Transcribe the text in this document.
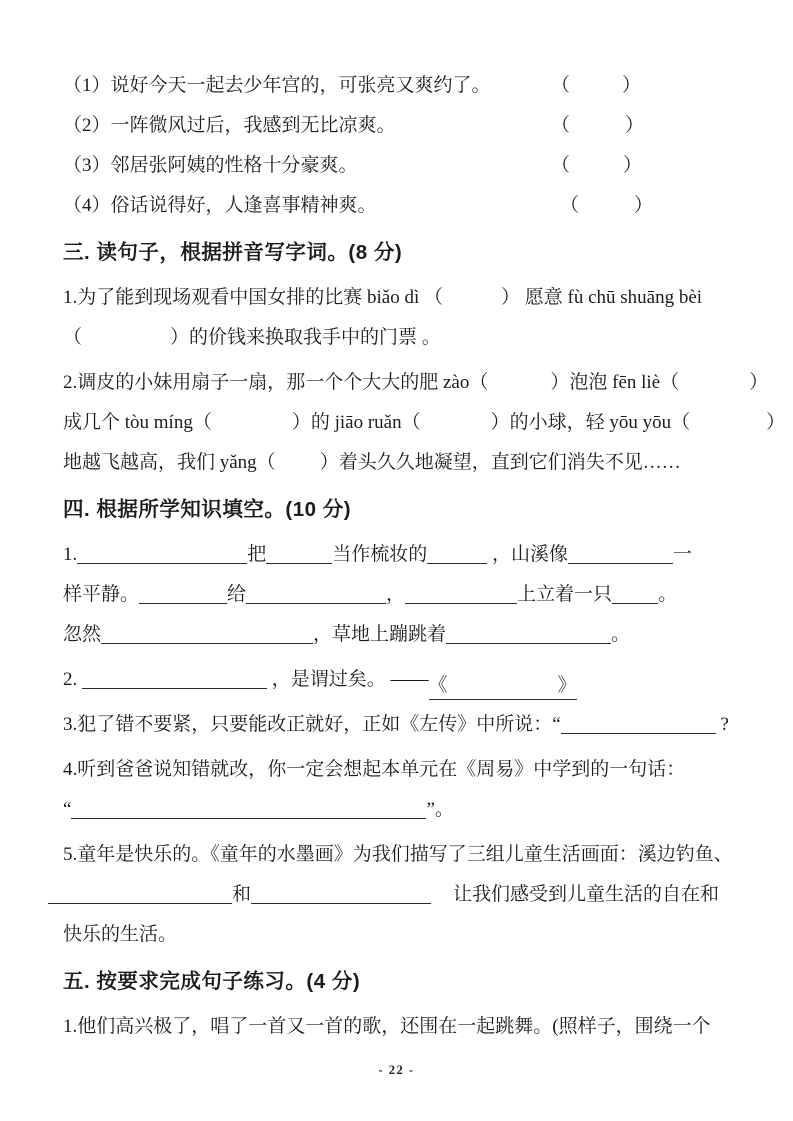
（1）说好今天一起去少年宫的，可张亮又爽约了。	（	）
（2）一阵微风过后，我感到无比凉爽。	（	）
（3）邻居张阿姨的性格十分豪爽。	（	）
（4）俗话说得好，人逢喜事精神爽。	（	）
三. 读句子，根据拼音写字词。(8 分)
1.为了能到现场观看中国女排的比赛 biǎo dì （	） 愿意 fù chū shuāng bèi
（	）的价钱来换取我手中的门票 。
2.调皮的小妹用扇子一扇，那一个个大大的肥 zào（	）泡泡 fēn liè（	）
成几个 tòu míng（	）的 jiāo ruǎn（	）的小球，轻 yōu yōu（	）
地越飞越高，我们 yǎng（ ）着头久久地凝望，直到它们消失不见……
四. 根据所学知识填空。(10 分)
1.	把	当作梳妆的	，山溪像	一
样平静。	给	，	上立着一只 。
忽然	，草地上蹦跳着	。
2.	，是谓过矣。 —— 《	》
3.犯了错不要紧，只要能改正就好，正如《左传》中所说：“	?
4.听到爸爸说知错就改，你一定会想起本单元在《周易》中学到的一句话：
“	”。
5.童年是快乐的。《童年的水墨画》为我们描写了三组儿童生活画面：溪边钓鱼、
和	让我们感受到儿童生活的自在和
快乐的生活。
五. 按要求完成句子练习。(4 分)
1.他们高兴极了，唱了一首又一首的歌，还围在一起跳舞。(照样子，围绕一个
- 22 -
